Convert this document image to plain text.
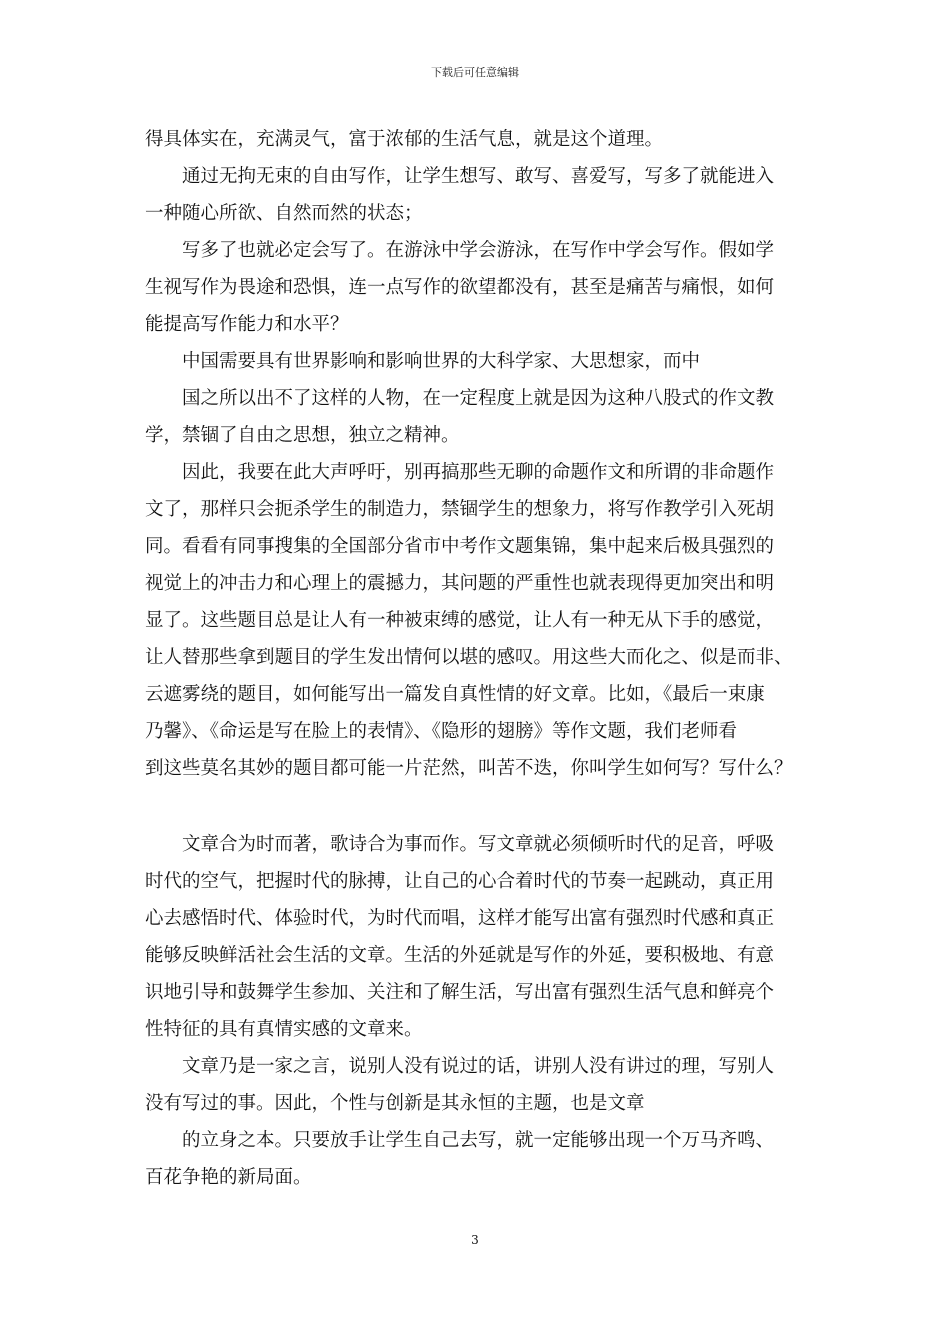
下载后可任意编辑
得具体实在，充满灵气，富于浓郁的生活气息，就是这个道理。
　　通过无拘无束的自由写作，让学生想写、敢写、喜爱写，写多了就能进入
一种随心所欲、自然而然的状态；
　　写多了也就必定会写了。在游泳中学会游泳，在写作中学会写作。假如学
生视写作为畏途和恐惧，连一点写作的欲望都没有，甚至是痛苦与痛恨，如何
能提高写作能力和水平？
　　中国需要具有世界影响和影响世界的大科学家、大思想家，而中
　　国之所以出不了这样的人物，在一定程度上就是因为这种八股式的作文教
学，禁锢了自由之思想，独立之精神。
　　因此，我要在此大声呼吁，别再搞那些无聊的命题作文和所谓的非命题作
文了，那样只会扼杀学生的制造力，禁锢学生的想象力，将写作教学引入死胡
同。看看有同事搜集的全国部分省市中考作文题集锦，集中起来后极具强烈的
视觉上的冲击力和心理上的震撼力，其问题的严重性也就表现得更加突出和明
显了。这些题目总是让人有一种被束缚的感觉，让人有一种无从下手的感觉，
让人替那些拿到题目的学生发出情何以堪的感叹。用这些大而化之、似是而非、
云遮雾绕的题目，如何能写出一篇发自真性情的好文章。比如，《最后一束康
乃馨》、《命运是写在脸上的表情》、《隐形的翅膀》等作文题，我们老师看
到这些莫名其妙的题目都可能一片茫然，叫苦不迭，你叫学生如何写？写什么？
　　文章合为时而著，歌诗合为事而作。写文章就必须倾听时代的足音，呼吸
时代的空气，把握时代的脉搏，让自己的心合着时代的节奏一起跳动，真正用
心去感悟时代、体验时代，为时代而唱，这样才能写出富有强烈时代感和真正
能够反映鲜活社会生活的文章。生活的外延就是写作的外延，要积极地、有意
识地引导和鼓舞学生参加、关注和了解生活，写出富有强烈生活气息和鲜亮个
性特征的具有真情实感的文章来。
　　文章乃是一家之言，说别人没有说过的话，讲别人没有讲过的理，写别人
没有写过的事。因此，个性与创新是其永恒的主题，也是文章
　　的立身之本。只要放手让学生自己去写，就一定能够出现一个万马齐鸣、
百花争艳的新局面。
3
